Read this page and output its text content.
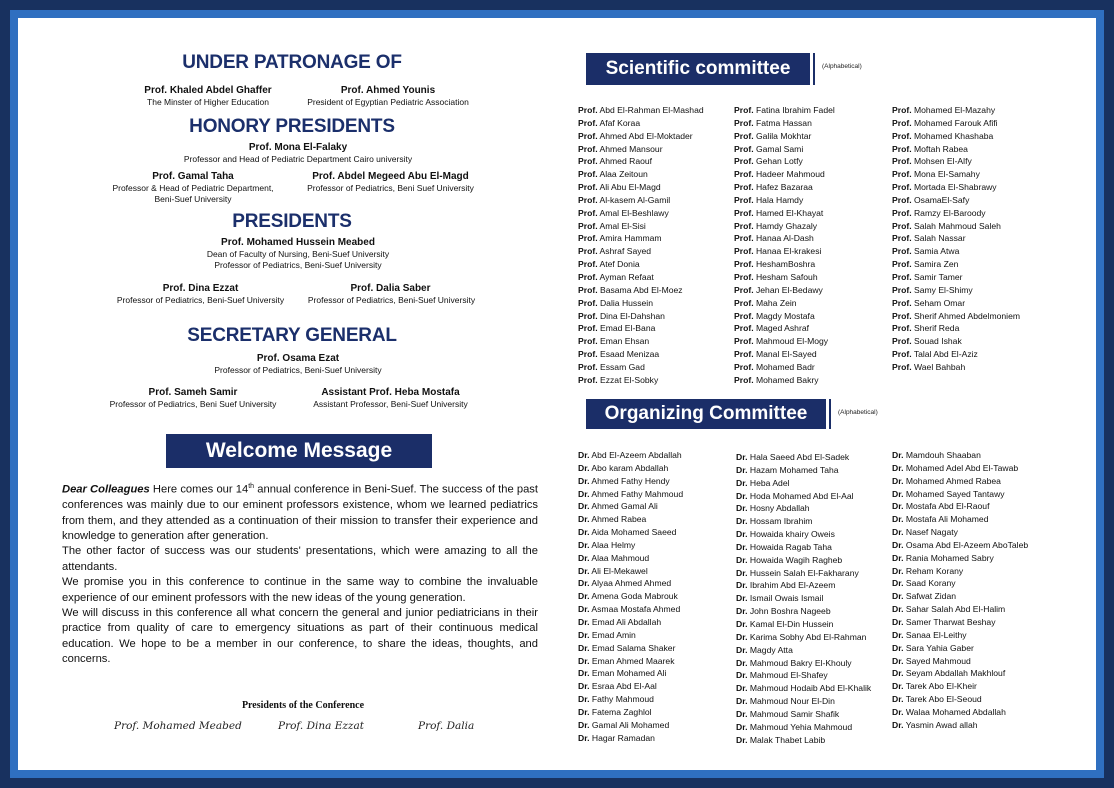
UNDER PATRONAGE OF
Prof. Khaled Abdel Ghaffer
The Minster of Higher Education
Prof. Ahmed Younis
President of Egyptian Pediatric Association
HONORY PRESIDENTS
Prof. Mona El-Falaky
Professor and Head of Pediatric Department Cairo university
Prof. Gamal Taha
Professor & Head of Pediatric Department,
Beni-Suef University
Prof. Abdel Megeed Abu El-Magd
Professor of Pediatrics, Beni Suef University
PRESIDENTS
Prof. Mohamed Hussein Meabed
Dean of Faculty of Nursing, Beni-Suef University
Professor of Pediatrics, Beni-Suef University
Prof. Dina Ezzat
Professor of Pediatrics, Beni-Suef University
Prof. Dalia Saber
Professor of Pediatrics, Beni-Suef University
SECRETARY GENERAL
Prof. Osama Ezat
Professor of Pediatrics, Beni-Suef University
Prof. Sameh Samir
Professor of Pediatrics, Beni Suef University
Assistant Prof. Heba Mostafa
Assistant Professor, Beni-Suef University
Welcome Message

Dear Colleagues Here comes our 14th annual conference in Beni-Suef. The success of the past conferences was mainly due to our eminent professors existence, whom we learned pediatrics from them, and they attended as a continuation of their mission to transfer their experience and knowledge to generation after generation.

The other factor of success was our students' presentations, which were amazing to all the attendants.

We promise you in this conference to continue in the same way to combine the invaluable experience of our eminent professors with the new ideas of the young generation.

We will discuss in this conference all what concern the general and junior pediatricians in their practice from quality of care to emergency situations as part of their continuous medical education. We hope to be a member in our conference, to share the ideas, thoughts, and concerns.

Presidents of the Conference
Prof. Mohamed Meabed	Prof. Dina Ezzat	Prof. Dalia
Scientific committee	(Alphabetical)
Prof. Abd El-Rahman El-Mashad
Prof. Afaf Koraa
Prof. Ahmed Abd El-Moktader
Prof. Ahmed Mansour
Prof. Ahmed Raouf
Prof. Alaa Zeitoun
Prof. Ali Abu El-Magd
Prof. Al-kasem Al-Gamil
Prof. Amal El-Beshlawy
Prof. Amal El-Sisi
Prof. Amira Hammam
Prof. Ashraf Sayed
Prof. Atef Donia
Prof. Ayman Refaat
Prof. Basama Abd El-Moez
Prof. Dalia Hussein
Prof. Dina El-Dahshan
Prof. Emad El-Bana
Prof. Eman Ehsan
Prof. Esaad Menizaa
Prof. Essam Gad
Prof. Ezzat El-Sobky
Prof. Fatina Ibrahim Fadel
Prof. Fatma Hassan
Prof. Galila Mokhtar
Prof. Gamal Sami
Prof. Gehan Lotfy
Prof. Hadeer Mahmoud
Prof. Hafez Bazaraa
Prof. Hala Hamdy
Prof. Hamed El-Khayat
Prof. Hamdy Ghazaly
Prof. Hanaa Al-Dash
Prof. Hanaa El-krakesi
Prof. HeshamBoshra
Prof. Hesham Safouh
Prof. Jehan El-Bedawy
Prof. Maha Zein
Prof. Magdy Mostafa
Prof. Maged Ashraf
Prof. Mahmoud El-Mogy
Prof. Manal El-Sayed
Prof. Mohamed Badr
Prof. Mohamed Bakry
Prof. Mohamed El-Mazahy
Prof. Mohamed Farouk Afifi
Prof. Mohamed Khashaba
Prof. Moftah Rabea
Prof. Mohsen El-Alfy
Prof. Mona El-Samahy
Prof. Mortada El-Shabrawy
Prof. OsamaEl-Safy
Prof. Ramzy El-Baroody
Prof. Salah Mahmoud Saleh
Prof. Salah Nassar
Prof. Samia Atwa
Prof. Samira Zen
Prof. Samir Tamer
Prof. Samy El-Shimy
Prof. Seham Omar
Prof. Sherif Ahmed Abdelmoniem
Prof. Sherif Reda
Prof. Souad Ishak
Prof. Talal Abd El-Aziz
Prof. Wael Bahbah
Organizing Committee	(Alphabetical)
Dr. Abd El-Azeem Abdallah
Dr. Abo karam Abdallah
Dr. Ahmed Fathy Hendy
Dr. Ahmed Fathy Mahmoud
Dr. Ahmed Gamal Ali
Dr. Ahmed Rabea
Dr. Aida Mohamed Saeed
Dr. Alaa Helmy
Dr. Alaa Mahmoud
Dr. Ali El-Mekawel
Dr. Alyaa Ahmed Ahmed
Dr. Amena Goda Mabrouk
Dr. Asmaa Mostafa Ahmed
Dr. Emad Ali Abdallah
Dr. Emad Amin
Dr. Emad Salama Shaker
Dr. Eman Ahmed Maarek
Dr. Eman Mohamed Ali
Dr. Esraa Abd El-Aal
Dr. Fathy Mahmoud
Dr. Fatema Zaghlol
Dr. Gamal Ali Mohamed
Dr. Hagar Ramadan
Dr. Hala Saeed Abd El-Sadek
Dr. Hazam Mohamed Taha
Dr. Heba Adel
Dr. Hoda Mohamed Abd El-Aal
Dr. Hosny Abdallah
Dr. Hossam Ibrahim
Dr. Howaida khairy Oweis
Dr. Howaida Ragab Taha
Dr. Howaida Wagih Ragheb
Dr. Hussein Salah El-Fakharany
Dr. Ibrahim Abd El-Azeem
Dr. Ismail Owais Ismail
Dr. John Boshra Nageeb
Dr. Kamal El-Din Hussein
Dr. Karima Sobhy Abd El-Rahman
Dr. Magdy Atta
Dr. Mahmoud Bakry El-Khouly
Dr. Mahmoud El-Shafey
Dr. Mahmoud Hodaib Abd El-Khalik
Dr. Mahmoud Nour El-Din
Dr. Mahmoud Samir Shafik
Dr. Mahmoud Yehia Mahmoud
Dr. Malak Thabet Labib
Dr. Mamdouh Shaaban
Dr. Mohamed Adel Abd El-Tawab
Dr. Mohamed Ahmed Rabea
Dr. Mohamed Sayed Tantawy
Dr. Mostafa Abd El-Raouf
Dr. Mostafa Ali Mohamed
Dr. Nasef Nagaty
Dr. Osama Abd El-Azeem AboTaleb
Dr. Rania Mohamed Sabry
Dr. Reham Korany
Dr. Saad Korany
Dr. Safwat Zidan
Dr. Sahar Salah Abd El-Halim
Dr. Samer Tharwat Beshay
Dr. Sanaa El-Leithy
Dr. Sara Yahia Gaber
Dr. Sayed Mahmoud
Dr. Seyam Abdallah Makhlouf
Dr. Tarek Abo El-Kheir
Dr. Tarek Abo El-Seoud
Dr. Walaa Mohamed Abdallah
Dr. Yasmin Awad allah
